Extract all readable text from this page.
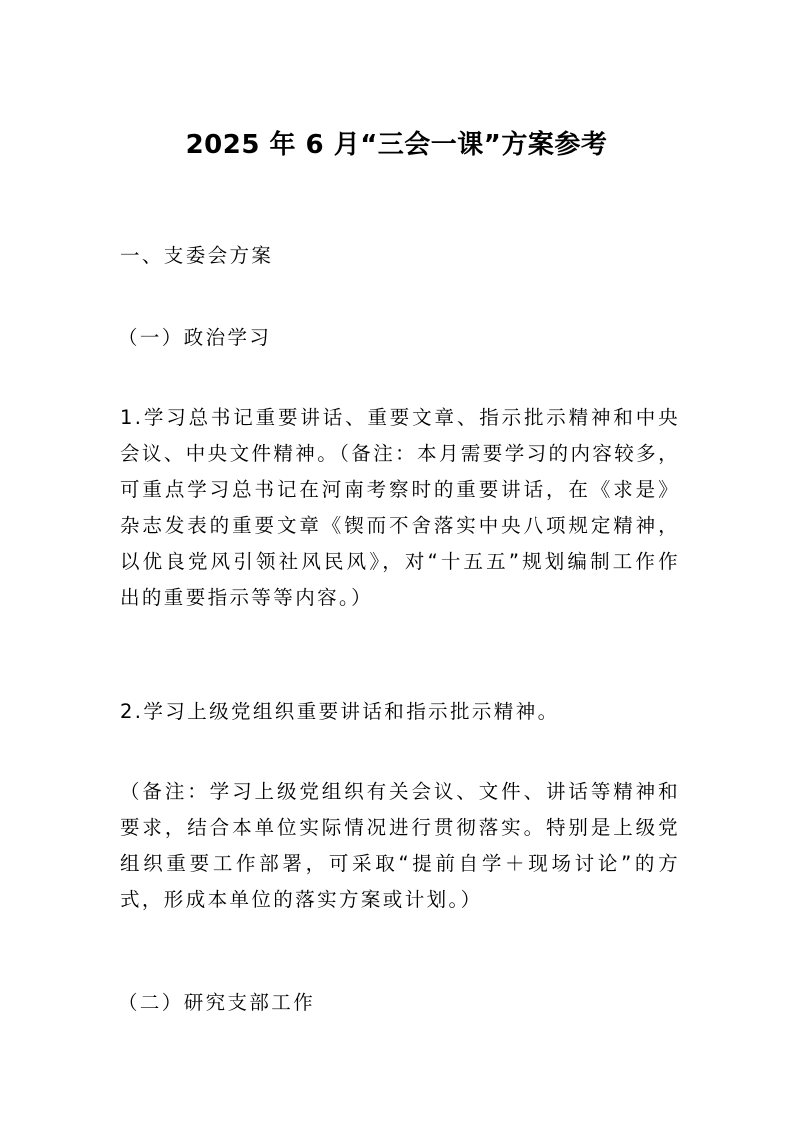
2025 年 6 月“三会一课”方案参考

一、支委会方案

（一）政治学习

1.学习总书记重要讲话、重要文章、指示批示精神和中央会议、中央文件精神。（备注：本月需要学习的内容较多，可重点学习总书记在河南考察时的重要讲话，在《求是》杂志发表的重要文章《锲而不舍落实中央八项规定精神，以优良党风引领社风民风》，对“十五五”规划编制工作作出的重要指示等等内容。）

2.学习上级党组织重要讲话和指示批示精神。

（备注：学习上级党组织有关会议、文件、讲话等精神和要求，结合本单位实际情况进行贯彻落实。特别是上级党组织重要工作部署，可采取“提前自学＋现场讨论”的方式，形成本单位的落实方案或计划。）

（二）研究支部工作
